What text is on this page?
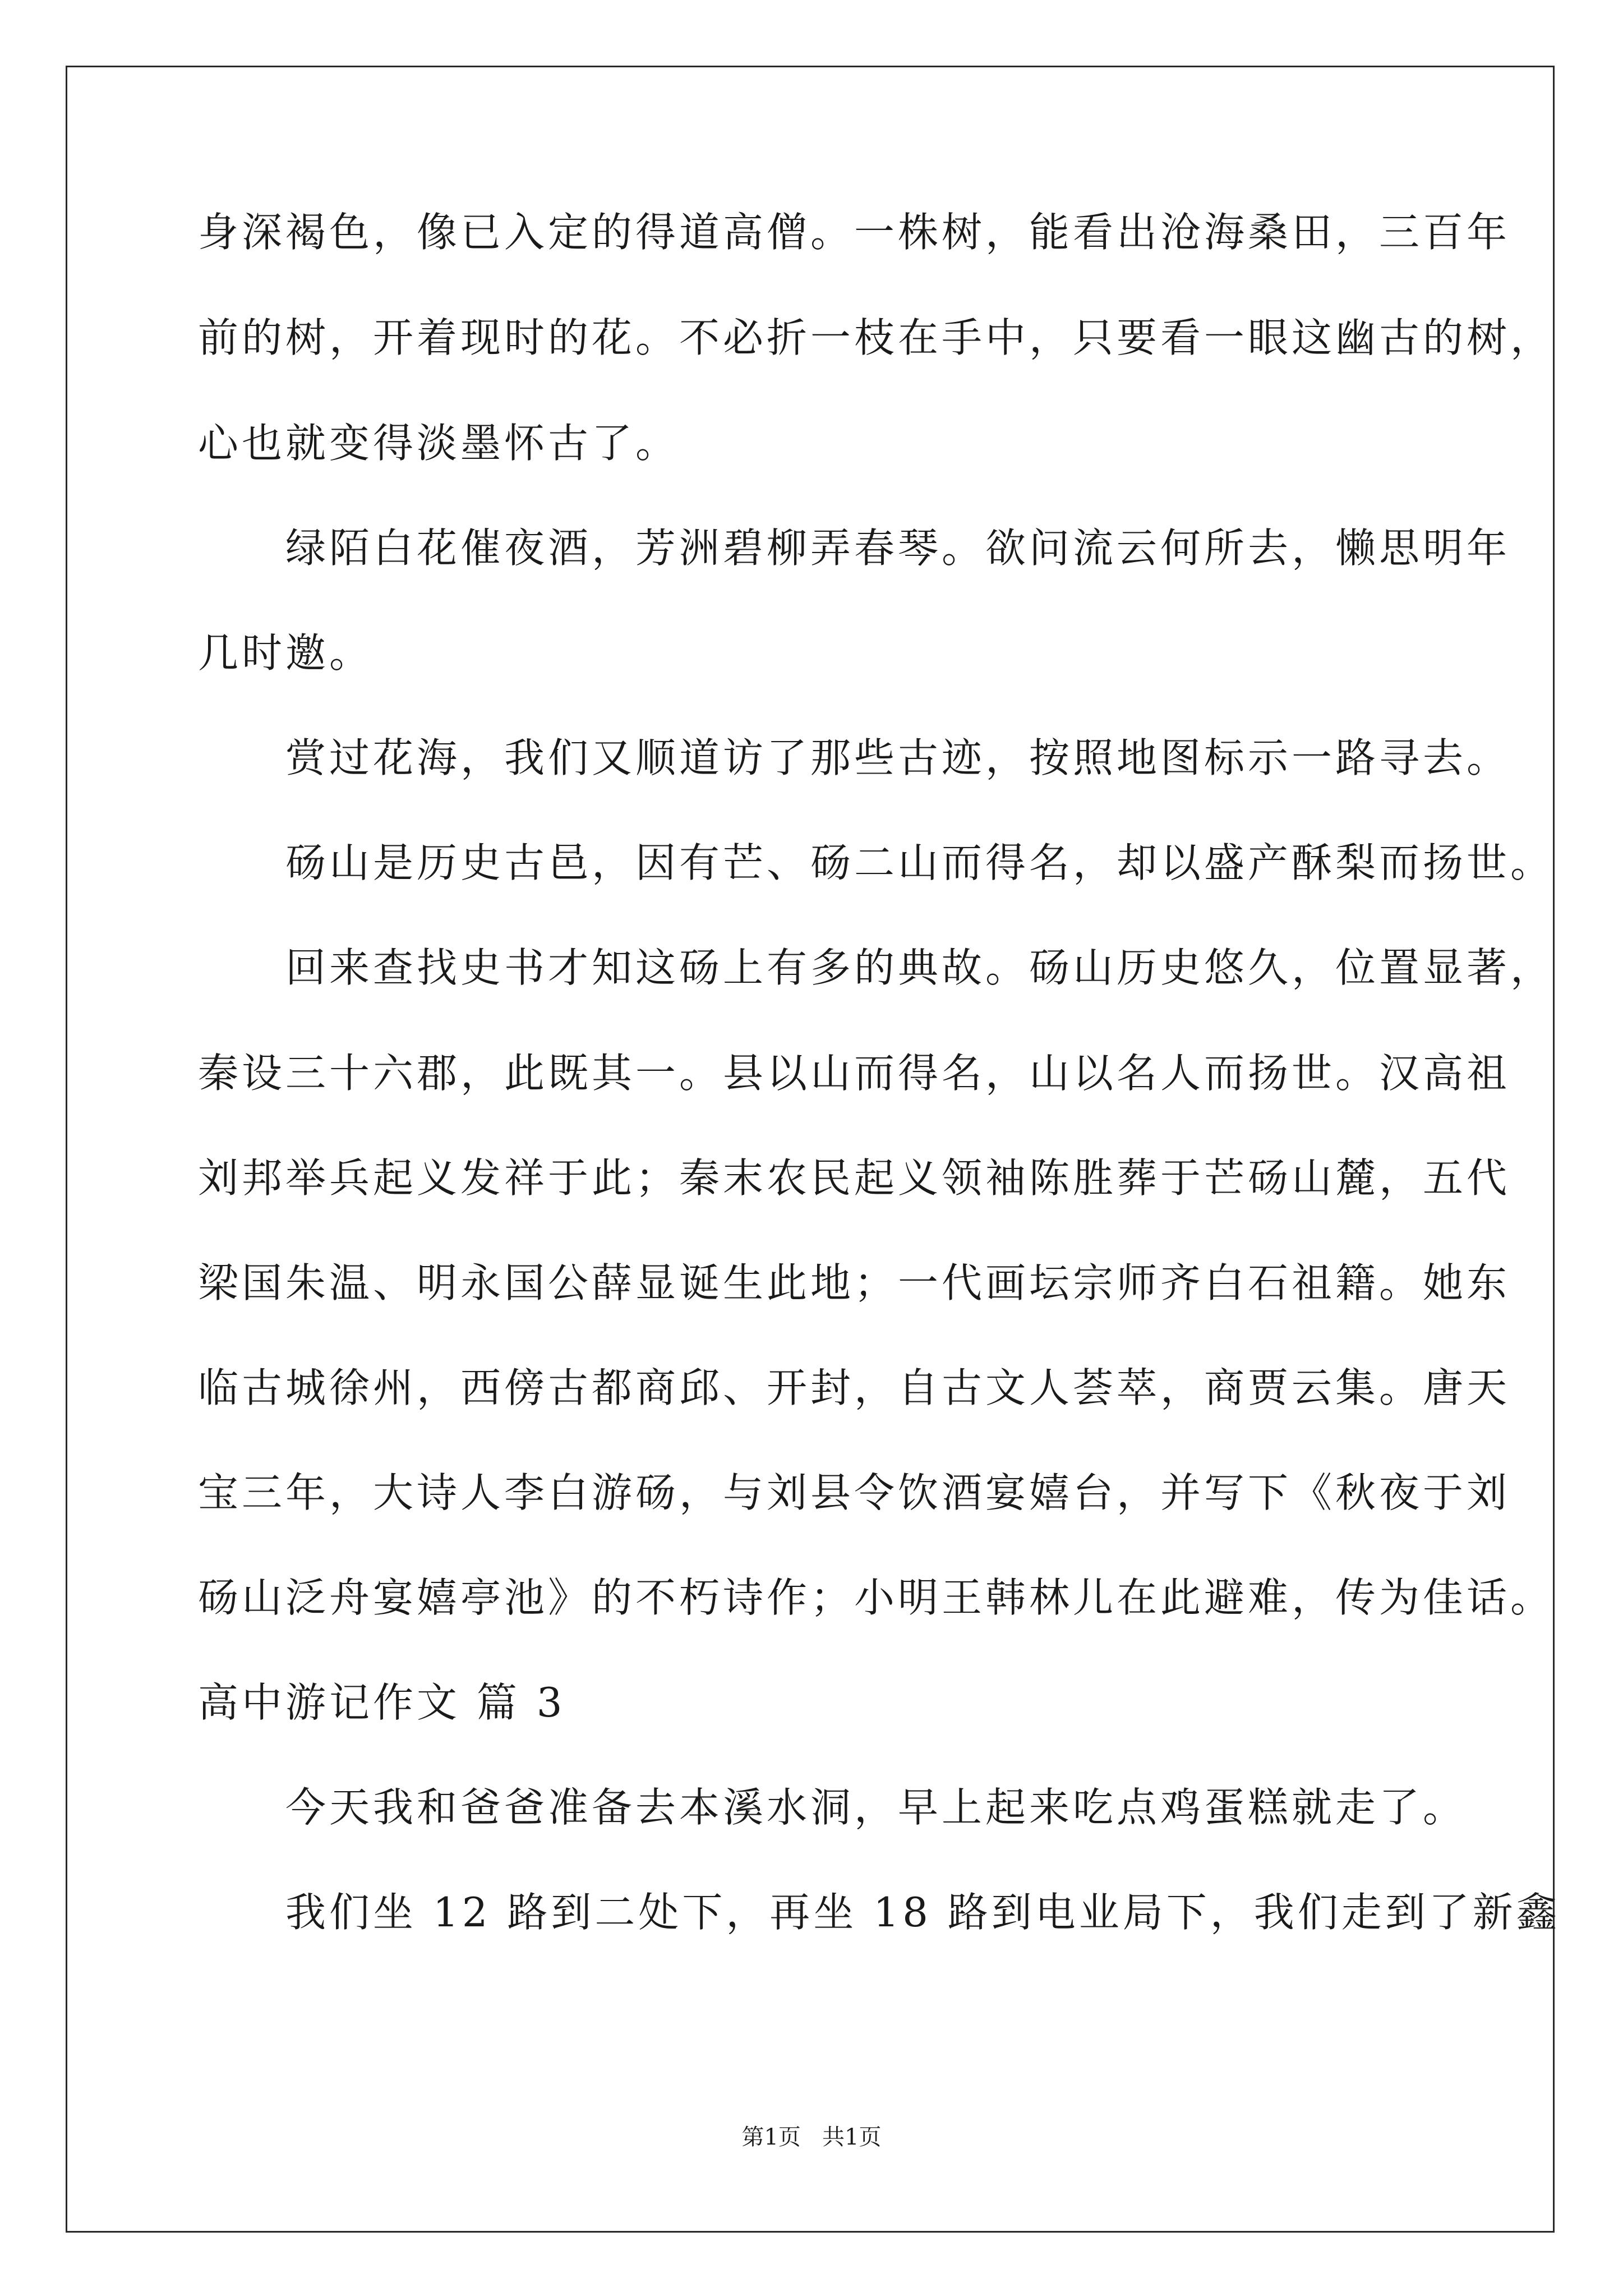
身深褐色，像已入定的得道高僧。一株树，能看出沧海桑田，三百年
前的树，开着现时的花。不必折一枝在手中，只要看一眼这幽古的树，
心也就变得淡墨怀古了。
　　绿陌白花催夜酒，芳洲碧柳弄春琴。欲问流云何所去，懒思明年
几时邀。
　　赏过花海，我们又顺道访了那些古迹，按照地图标示一路寻去。
　　砀山是历史古邑，因有芒、砀二山而得名，却以盛产酥梨而扬世。
　　回来查找史书才知这砀上有多的典故。砀山历史悠久，位置显著，
秦设三十六郡，此既其一。县以山而得名，山以名人而扬世。汉高祖
刘邦举兵起义发祥于此；秦末农民起义领袖陈胜葬于芒砀山麓，五代
梁国朱温、明永国公薛显诞生此地；一代画坛宗师齐白石祖籍。她东
临古城徐州，西傍古都商邱、开封，自古文人荟萃，商贾云集。唐天
宝三年，大诗人李白游砀，与刘县令饮酒宴嬉台，并写下《秋夜于刘
砀山泛舟宴嬉亭池》的不朽诗作；小明王韩林儿在此避难，传为佳话。
高中游记作文 篇 3
　　今天我和爸爸准备去本溪水洞，早上起来吃点鸡蛋糕就走了。
　　我们坐 12 路到二处下，再坐 18 路到电业局下，我们走到了新鑫
第1页   共1页
